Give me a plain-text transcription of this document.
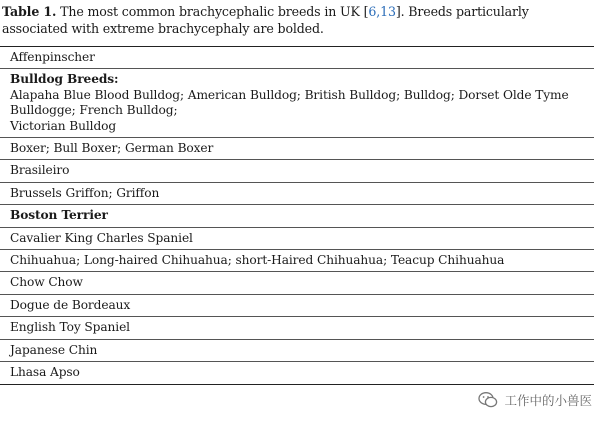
Table 1. The most common brachycephalic breeds in UK [6,13]. Breeds particularly associated with extreme brachycephaly are bolded.
Affenpinscher
Bulldog Breeds:
Alapaha Blue Blood Bulldog; American Bulldog; British Bulldog; Bulldog; Dorset Olde Tyme Bulldogge; French Bulldog;
Victorian Bulldog
Boxer; Bull Boxer; German Boxer
Brasileiro
Brussels Griffon; Griffon
Boston Terrier
Cavalier King Charles Spaniel
Chihuahua; Long-haired Chihuahua; short-Haired Chihuahua; Teacup Chihuahua
Chow Chow
Dogue de Bordeaux
English Toy Spaniel
Japanese Chin
Lhasa Apso
工作中的小兽医
